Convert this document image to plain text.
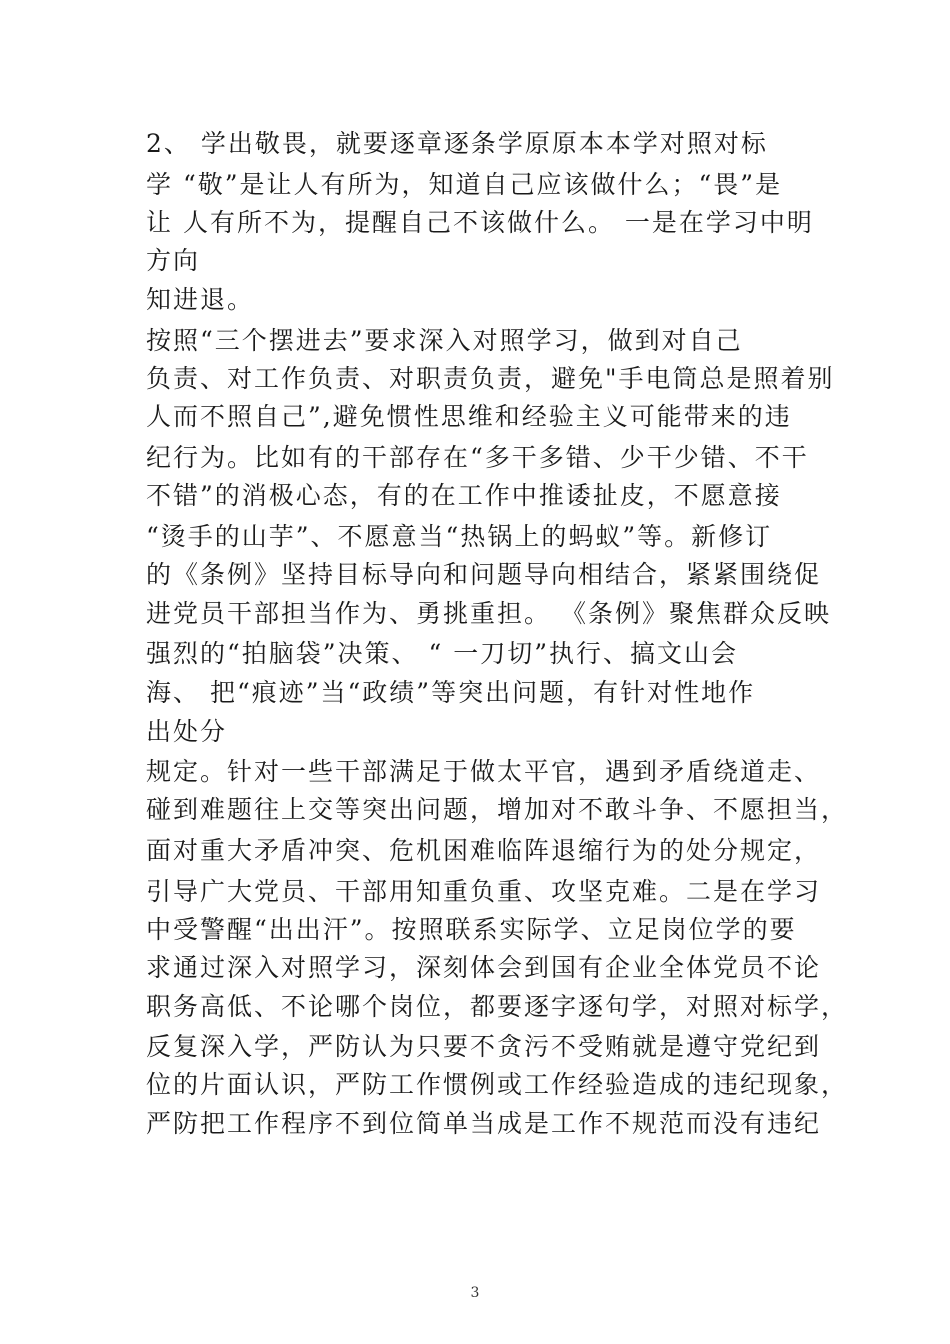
2、 学出敬畏，就要逐章逐条学原原本本学对照对标
学 “敬”是让人有所为，知道自己应该做什么；“畏”是
让 人有所不为，提醒自己不该做什么。 一是在学习中明
方向
知进退。
按照“三个摆进去”要求深入对照学习，做到对自己
负责、对工作负责、对职责负责，避免"手电筒总是照着别
人而不照自己”,避免惯性思维和经验主义可能带来的违
纪行为。比如有的干部存在“多干多错、少干少错、不干
不错”的消极心态，有的在工作中推诿扯皮，不愿意接
“烫手的山芋”、不愿意当“热锅上的蚂蚁”等。新修订
的《条例》坚持目标导向和问题导向相结合，紧紧围绕促
进党员干部担当作为、勇挑重担。 《条例》聚焦群众反映
强烈的“拍脑袋”决策、 “ 一刀切”执行、搞文山会
海、 把“痕迹”当“政绩”等突出问题，有针对性地作
出处分
规定。针对一些干部满足于做太平官，遇到矛盾绕道走、
碰到难题往上交等突出问题，增加对不敢斗争、不愿担当，
面对重大矛盾冲突、危机困难临阵退缩行为的处分规定，
引导广大党员、干部用知重负重、攻坚克难。二是在学习
中受警醒“出出汗”。按照联系实际学、立足岗位学的要
求通过深入对照学习，深刻体会到国有企业全体党员不论
职务高低、不论哪个岗位，都要逐字逐句学，对照对标学，
反复深入学，严防认为只要不贪污不受贿就是遵守党纪到
位的片面认识，严防工作惯例或工作经验造成的违纪现象，
严防把工作程序不到位简单当成是工作不规范而没有违纪
3
